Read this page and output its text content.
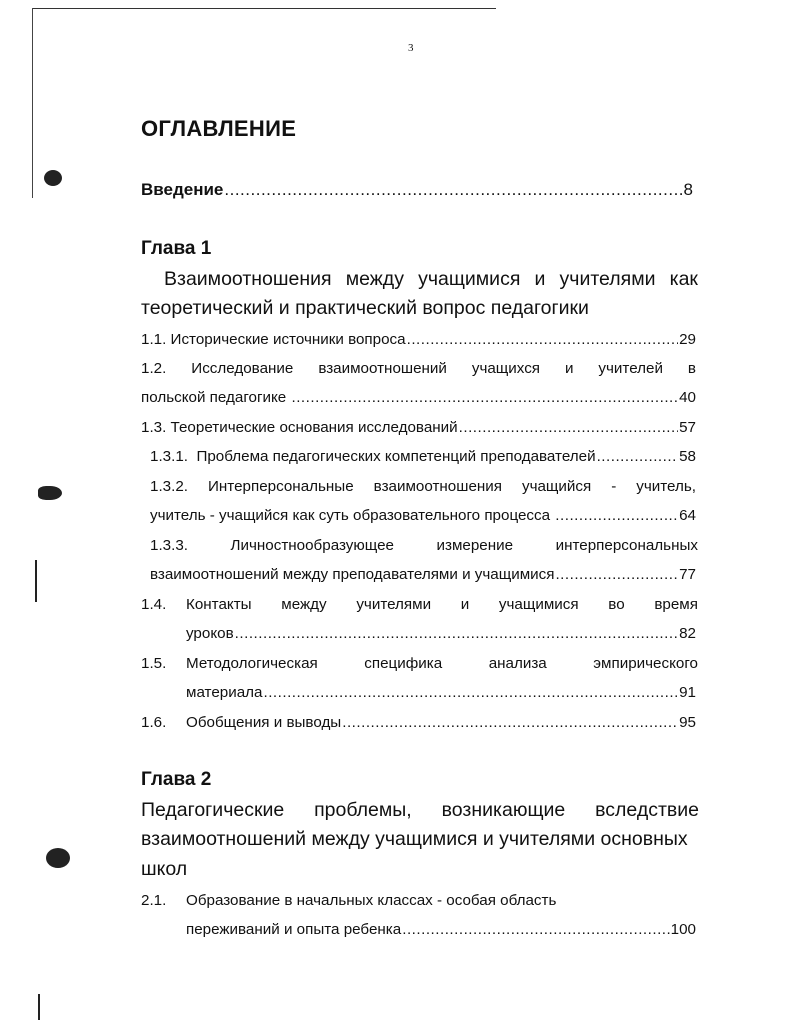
3
ОГЛАВЛЕНИЕ
Введение .....	8
Глава 1
Взаимоотношения между учащимися и учителями как
теоретический и практический вопрос педагогики
1.1. Исторические источники вопроса .....	29
1.2. Исследование взаимоотношений учащихся и учителей в
польской педагогике .....	40
1.3. Теоретические основания исследований .....	57
1.3.1.  Проблема педагогических компетенций преподавателей .....	58
1.3.2. Интерперсональные взаимоотношения учащийся - учитель,
учитель - учащийся как суть образовательного процесса .....	64
1.3.3.	Личностнообразующее	измерение	интерперсональных
взаимоотношений между преподавателями и учащимися .....	77
1.4. Контакты между учителями и учащимися во время
уроков .....	82
1.5. Методологическая	специфика	анализа	эмпирического
материала .....	91
1.6. Обобщения и выводы .....	95
Глава 2
Педагогические проблемы, возникающие вследствие
взаимоотношений между учащимися и учителями основных
школ
2.1. Образование в начальных классах - особая область
переживаний и опыта ребенка .....	100
